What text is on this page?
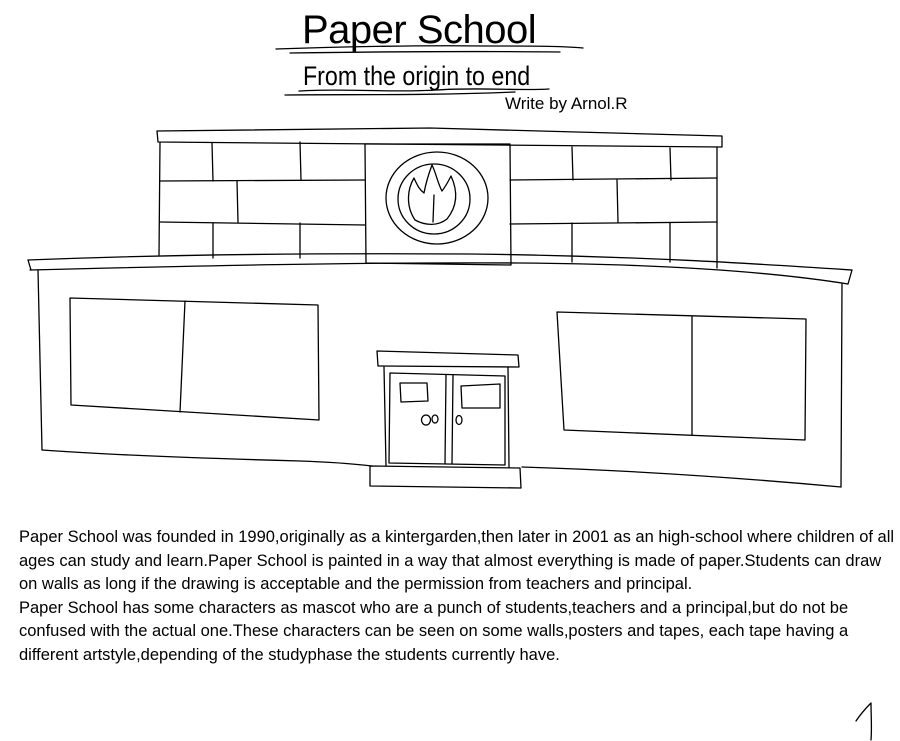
Paper School
From the origin to end
Write by Arnol.R

Paper School was founded in 1990,originally as a kintergarden,then later in 2001 as an high-school where children of all ages can study and learn.Paper School is painted in a way that almost everything is made of paper.Students can draw on walls as long if the drawing is acceptable and the permission from teachers and principal.

Paper School has some characters as mascot who are a punch of students,teachers and a principal,but do not be confused with the actual one.These characters can be seen on some walls,posters and tapes, each tape having a different artstyle,depending of the studyphase the students currently have.
